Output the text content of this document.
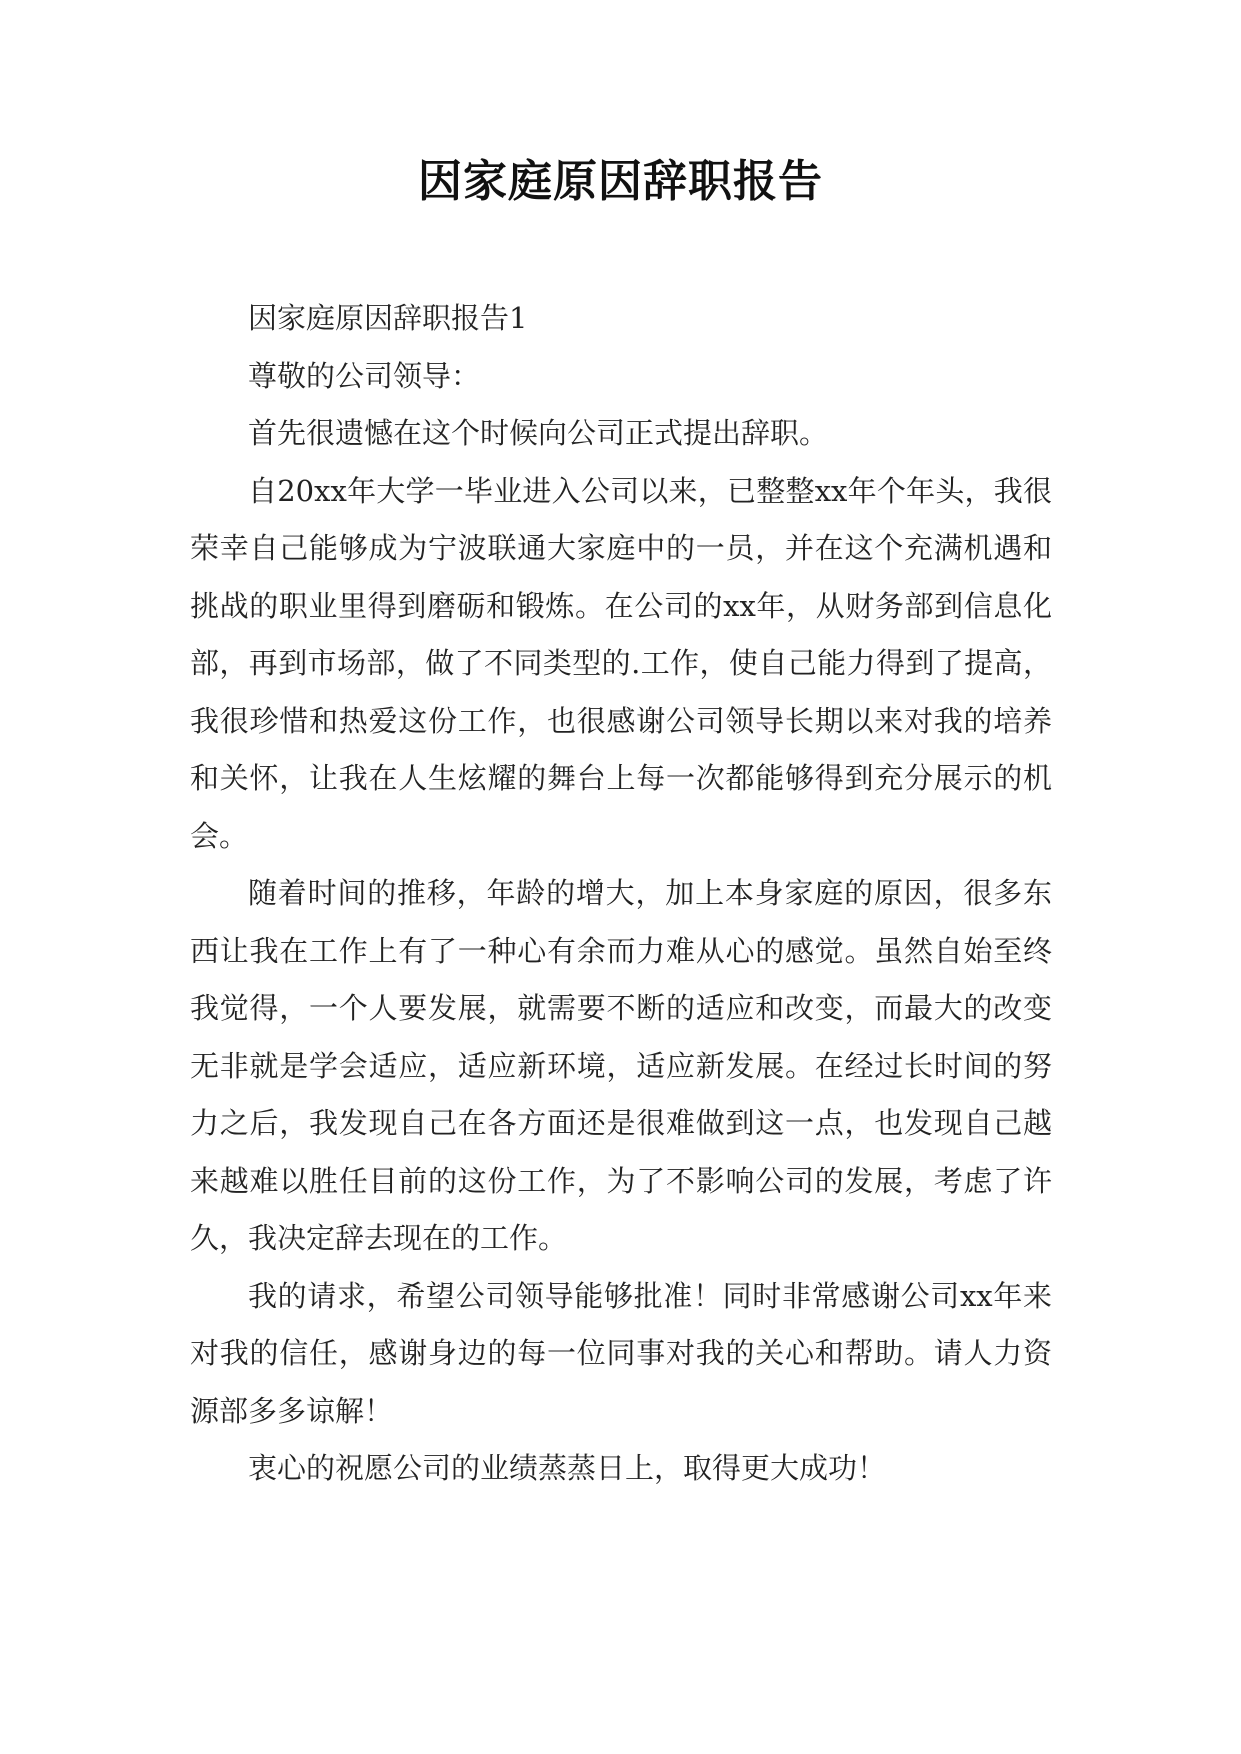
因家庭原因辞职报告

因家庭原因辞职报告1

尊敬的公司领导：

首先很遗憾在这个时候向公司正式提出辞职。

自20xx年大学一毕业进入公司以来，已整整xx年个年头，我很荣幸自己能够成为宁波联通大家庭中的一员，并在这个充满机遇和挑战的职业里得到磨砺和锻炼。在公司的xx年，从财务部到信息化部，再到市场部，做了不同类型的.工作，使自己能力得到了提高，我很珍惜和热爱这份工作，也很感谢公司领导长期以来对我的培养和关怀，让我在人生炫耀的舞台上每一次都能够得到充分展示的机会。

随着时间的推移，年龄的增大，加上本身家庭的原因，很多东西让我在工作上有了一种心有余而力难从心的感觉。虽然自始至终我觉得，一个人要发展，就需要不断的适应和改变，而最大的改变无非就是学会适应，适应新环境，适应新发展。在经过长时间的努力之后，我发现自己在各方面还是很难做到这一点，也发现自己越来越难以胜任目前的这份工作，为了不影响公司的发展，考虑了许久，我决定辞去现在的工作。

我的请求，希望公司领导能够批准！同时非常感谢公司xx年来对我的信任，感谢身边的每一位同事对我的关心和帮助。请人力资源部多多谅解！

衷心的祝愿公司的业绩蒸蒸日上，取得更大成功！
